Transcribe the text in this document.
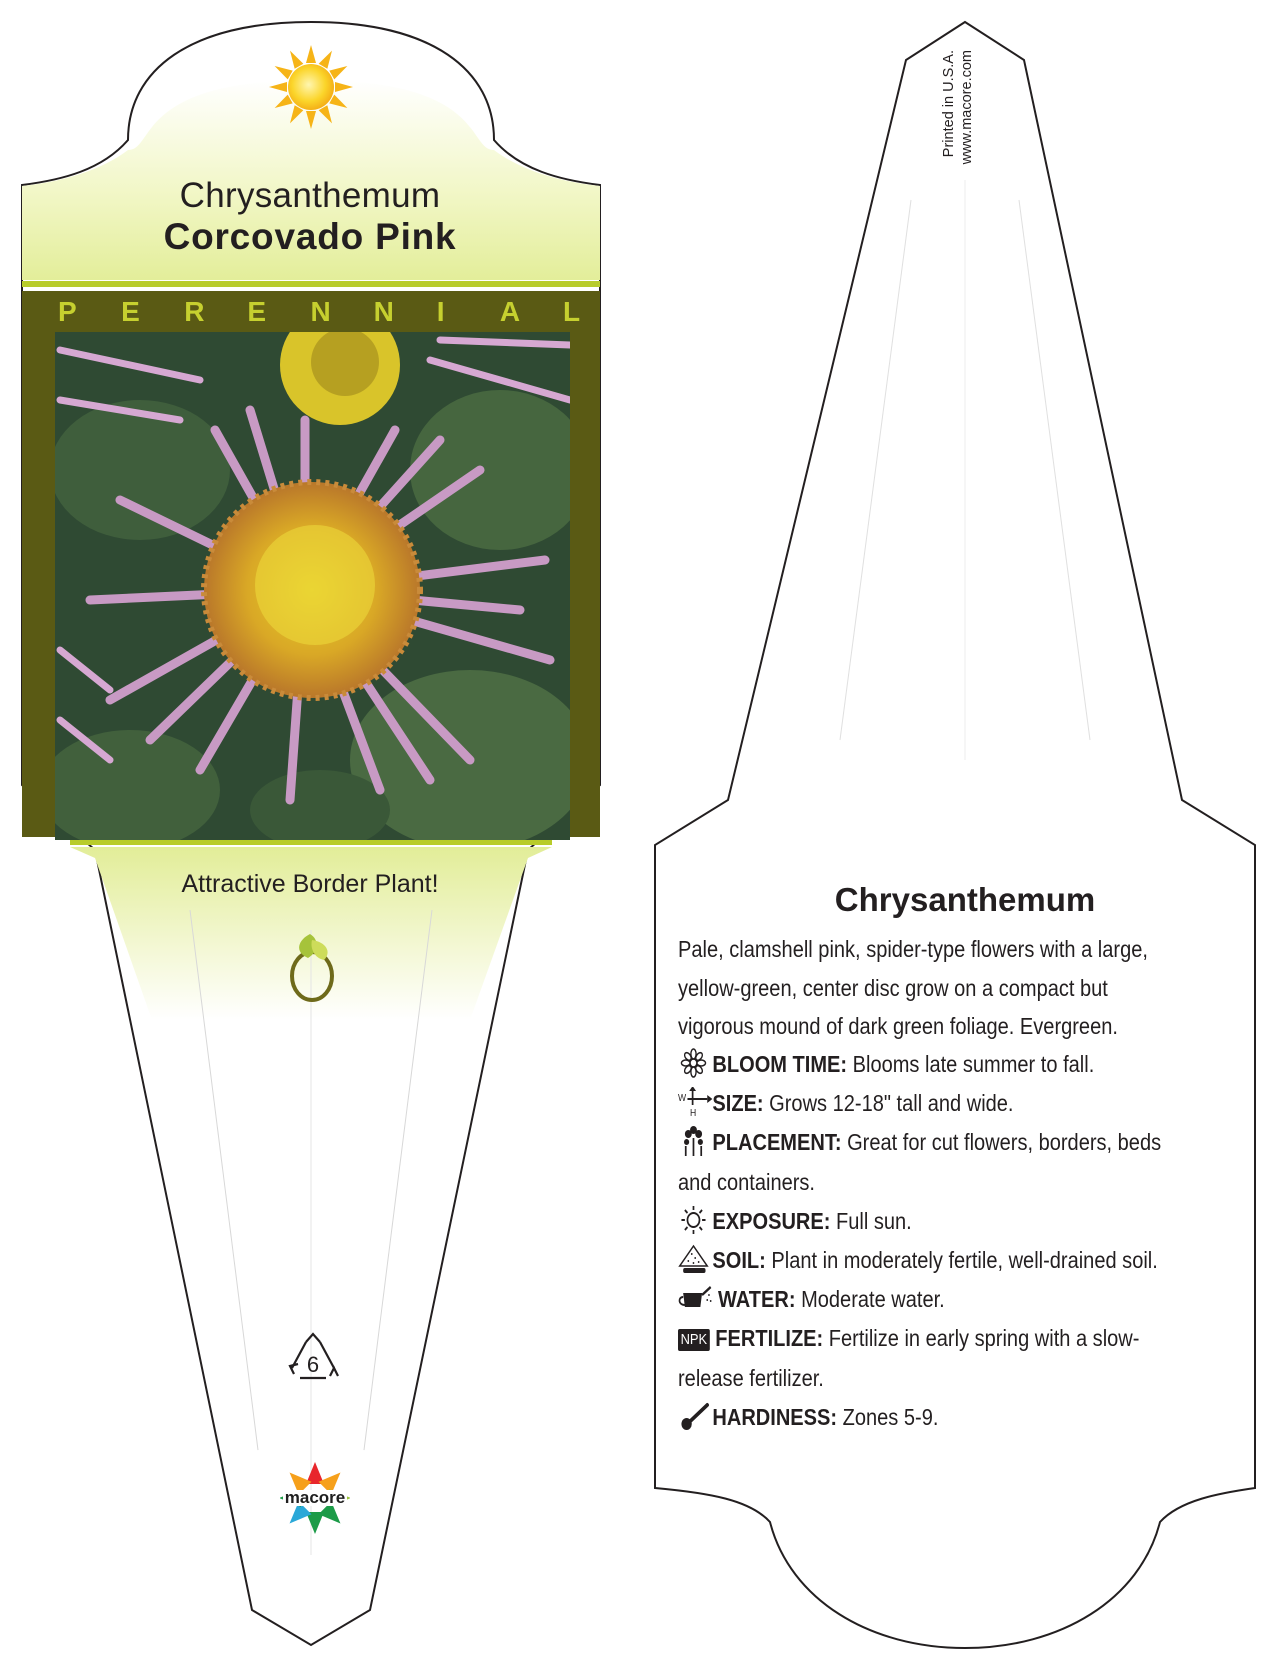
Chrysanthemum
Corcovado Pink
P E R E N N I A L
Attractive Border Plant!
6
macore
Printed in U.S.A. www.macore.com
Chrysanthemum
Pale, clamshell pink, spider-type flowers with a large, yellow-green, center disc grow on a compact but vigorous mound of dark green foliage. Evergreen.
BLOOM TIME: Blooms late summer to fall.
W
H SIZE: Grows 12-18" tall and wide.
PLACEMENT: Great for cut flowers, borders, beds and containers.
EXPOSURE: Full sun.
SOIL: Plant in moderately fertile, well-drained soil.
WATER: Moderate water.
NPK FERTILIZE: Fertilize in early spring with a slow-release fertilizer.
HARDINESS: Zones 5-9.
